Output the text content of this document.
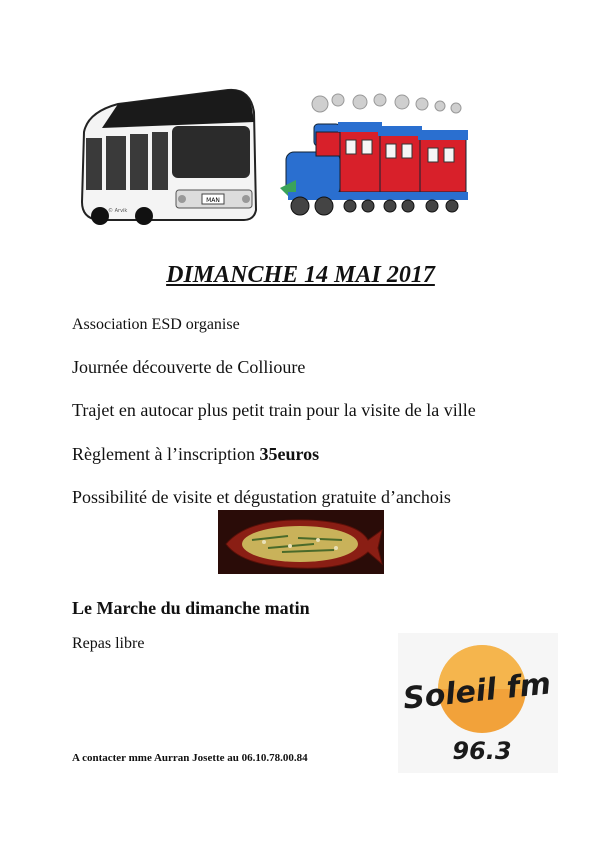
MAN
© Arvik
DIMANCHE 14 MAI 2017
Association ESD organise
Journée découverte de Collioure
Trajet en autocar plus petit train pour la visite de la ville
Règlement à l’inscription 35euros
Possibilité de visite et dégustation gratuite d’anchois
Le Marche du dimanche matin
Repas libre
A contacter mme Aurran Josette au 06.10.78.00.84
Soleil fm
96.3
